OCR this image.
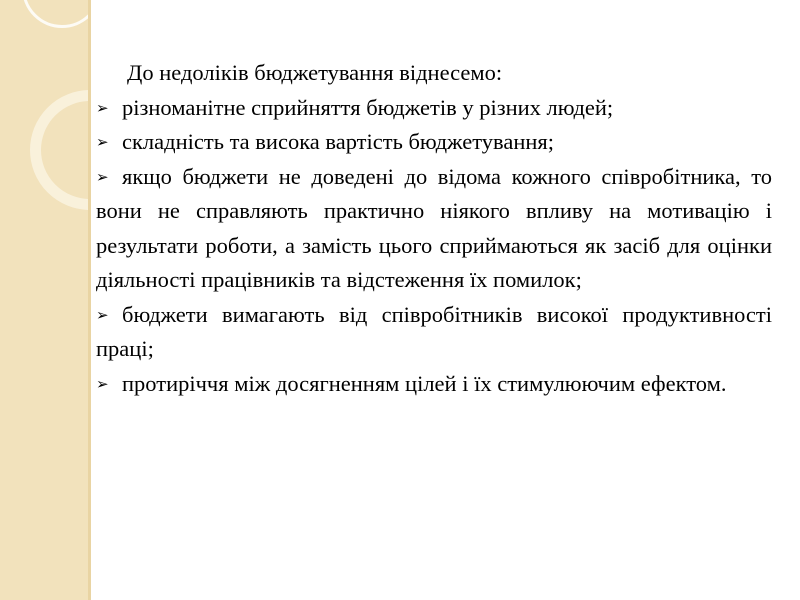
До недоліків бюджетування віднесемо:

➢ різноманітне сприйняття бюджетів у різних людей;

➢ складність та висока вартість бюджетування;

➢ якщо бюджети не доведені до відома кожного співробітника, то вони не справляють практично ніякого впливу на мотивацію і результати роботи, а замість цього сприймаються як засіб для оцінки діяльності працівників та відстеження їх помилок;

➢ бюджети вимагають від співробітників високої продуктивності праці;

➢ протиріччя між досягненням цілей і їх стимулюючим ефектом.
